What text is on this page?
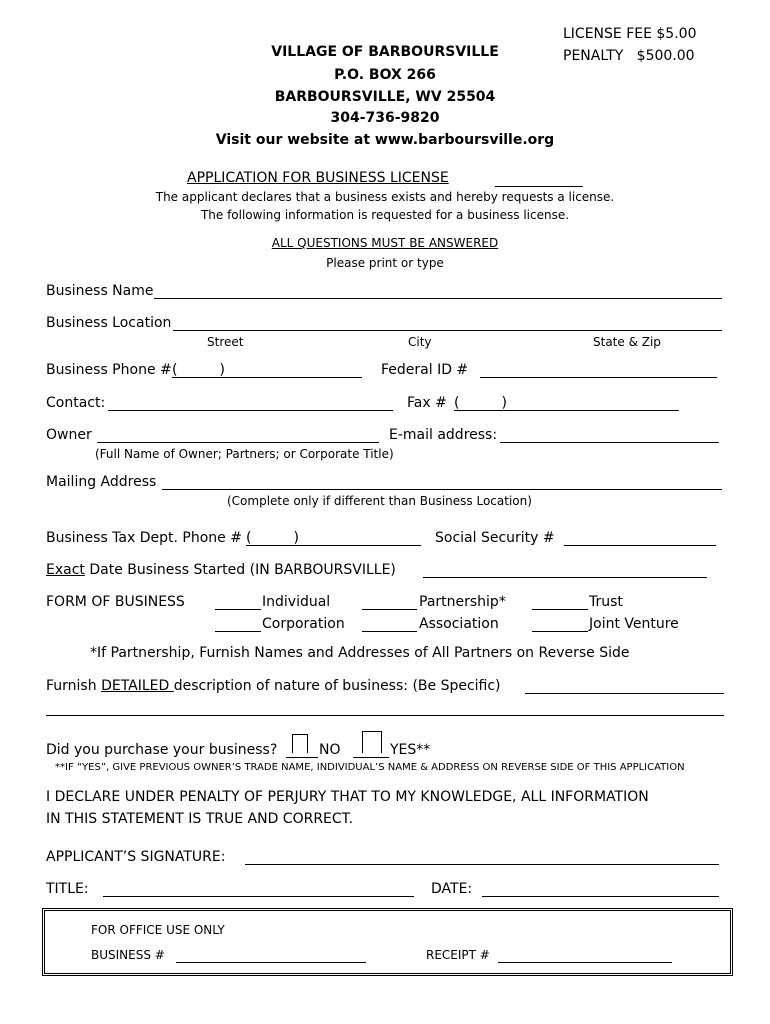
LICENSE FEE $5.00
PENALTY   $500.00
VILLAGE OF BARBOURSVILLE
P.O. BOX 266
BARBOURSVILLE, WV 25504
304-736-9820
Visit our website at www.barboursville.org
APPLICATION FOR BUSINESS LICENSE
The applicant declares that a business exists and hereby requests a license.
The following information is requested for a business license.
ALL QUESTIONS MUST BE ANSWERED
Please print or type
Business Name
Business Location
Street	City	State & Zip
Business Phone # (	)	Federal ID #
Contact:	Fax # (	)
Owner	E-mail address:
(Full Name of Owner; Partners; or Corporate Title)
Mailing Address
(Complete only if different than Business Location)
Business Tax Dept. Phone # (	)	Social Security #
Exact Date Business Started (IN BARBOURSVILLE)
FORM OF BUSINESS	Individual	Partnership*	Trust
Corporation	Association	Joint Venture
*If Partnership, Furnish Names and Addresses of All Partners on Reverse Side
Furnish DETAILED description of nature of business: (Be Specific)
Did you purchase your business?	NO	YES**
**IF “YES”, GIVE PREVIOUS OWNER’S TRADE NAME, INDIVIDUAL’S NAME & ADDRESS ON REVERSE SIDE OF THIS APPLICATION
I DECLARE UNDER PENALTY OF PERJURY THAT TO MY KNOWLEDGE, ALL INFORMATION
IN THIS STATEMENT IS TRUE AND CORRECT.
APPLICANT’S SIGNATURE:
TITLE:	DATE:
FOR OFFICE USE ONLY
BUSINESS #	RECEIPT #
